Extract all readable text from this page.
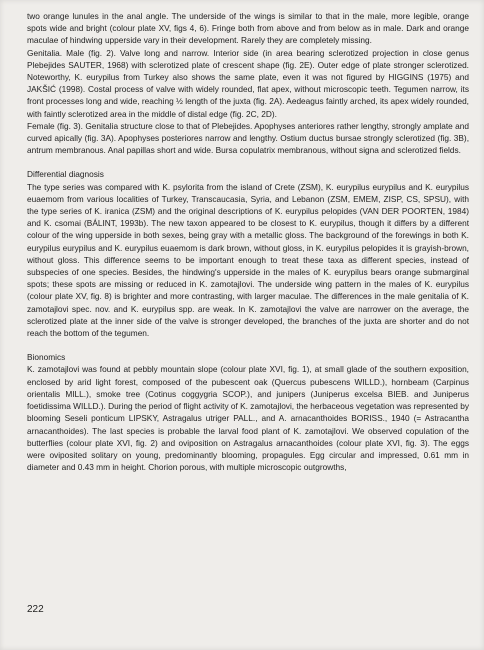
two orange lunules in the anal angle. The underside of the wings is similar to that in the male, more legible, orange spots wide and bright (colour plate XV, figs 4, 6). Fringe both from above and from below as in male. Dark and orange maculae of hindwing upperside vary in their development. Rarely they are completely missing.

Genitalia. Male (fig. 2). Valve long and narrow. Interior side (in area bearing sclerotized projection in close genus Plebejides SAUTER, 1968) with sclerotized plate of crescent shape (fig. 2E). Outer edge of plate stronger sclerotized. Noteworthy, K. eurypilus from Turkey also shows the same plate, even it was not figured by HIGGINS (1975) and JAKŠIĆ (1998). Costal process of valve with widely rounded, flat apex, without microscopic teeth. Tegumen narrow, its front processes long and wide, reaching ½ length of the juxta (fig. 2A). Aedeagus faintly arched, its apex widely rounded, with faintly sclerotized area in the middle of distal edge (fig. 2C, 2D).

Female (fig. 3). Genitalia structure close to that of Plebejides. Apophyses anteriores rather lengthy, strongly amplate and curved apically (fig. 3A). Apophyses posteriores narrow and lengthy. Ostium ductus bursae strongly sclerotized (fig. 3B), antrum membranous. Anal papillas short and wide. Bursa copulatrix membranous, without signa and sclerotized fields.

Differential diagnosis

The type series was compared with K. psylorita from the island of Crete (ZSM), K. eurypilus eurypilus and K. eurypilus euaemom from various localities of Turkey, Transcaucasia, Syria, and Lebanon (ZSM, EMEM, ZISP, CS, SPSU), with the type series of K. iranica (ZSM) and the original descriptions of K. eurypilus pelopides (VAN DER POORTEN, 1984) and K. csomai (BÁLINT, 1993b). The new taxon appeared to be closest to K. eurypilus, though it differs by a different colour of the wing upperside in both sexes, being gray with a metallic gloss. The background of the forewings in both K. eurypilus eurypilus and K. eurypilus euaemom is dark brown, without gloss, in K. eurypilus pelopides it is grayish-brown, without gloss. This difference seems to be important enough to treat these taxa as different species, instead of subspecies of one species. Besides, the hindwing's upperside in the males of K. eurypilus bears orange submarginal spots; these spots are missing or reduced in K. zamotajlovi. The underside wing pattern in the males of K. eurypilus (colour plate XV, fig. 8) is brighter and more contrasting, with larger maculae. The differences in the male genitalia of K. zamotajlovi spec. nov. and K. eurypilus spp. are weak. In K. zamotajlovi the valve are narrower on the average, the sclerotized plate at the inner side of the valve is stronger developed, the branches of the juxta are shorter and do not reach the bottom of the tegumen.

Bionomics

K. zamotajlovi was found at pebbly mountain slope (colour plate XVI, fig. 1), at small glade of the southern exposition, enclosed by arid light forest, composed of the pubescent oak (Quercus pubescens WILLD.), hornbeam (Carpinus orientalis MILL.), smoke tree (Cotinus coggygria SCOP.), and junipers (Juniperus excelsa BIEB. and Juniperus foetidissima WILLD.). During the period of flight activity of K. zamotajlovi, the herbaceous vegetation was represented by blooming Seseli ponticum LIPSKY, Astragalus utriger PALL., and A. arnacanthoides BORISS., 1940 (= Astracantha arnacanthoides). The last species is probable the larval food plant of K. zamotajlovi. We observed copulation of the butterflies (colour plate XVI, fig. 2) and oviposition on Astragalus arnacanthoides (colour plate XVI, fig. 3). The eggs were oviposited solitary on young, predominantly blooming, propagules. Egg circular and impressed, 0.61 mm in diameter and 0.43 mm in height. Chorion porous, with multiple microscopic outgrowths,

222
